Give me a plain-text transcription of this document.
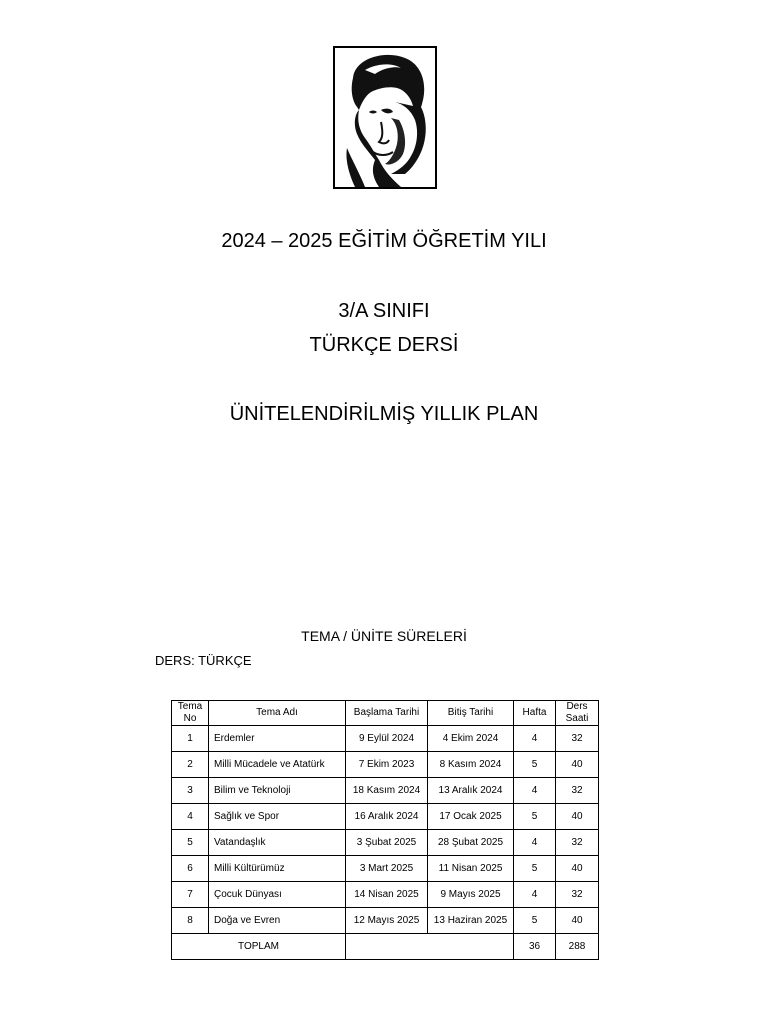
2024 – 2025 EĞİTİM ÖĞRETİM YILI
3/A SINIFI
TÜRKÇE DERSİ
ÜNİTELENDİRİLMİŞ YILLIK PLAN
TEMA / ÜNİTE SÜRELERİ
DERS: TÜRKÇE
Tema No	Tema Adı	Başlama Tarihi	Bitiş Tarihi	Hafta	Ders Saati
1	Erdemler	9 Eylül 2024	4 Ekim 2024	4	32
2	Milli Mücadele ve Atatürk	7 Ekim 2023	8 Kasım 2024	5	40
3	Bilim ve Teknoloji	18 Kasım 2024	13 Aralık 2024	4	32
4	Sağlık ve Spor	16 Aralık 2024	17 Ocak 2025	5	40
5	Vatandaşlık	3 Şubat 2025	28 Şubat 2025	4	32
6	Milli Kültürümüz	3 Mart 2025	11 Nisan 2025	5	40
7	Çocuk Dünyası	14 Nisan 2025	9 Mayıs 2025	4	32
8	Doğa ve Evren	12 Mayıs 2025	13 Haziran 2025	5	40
TOPLAM				36	288
